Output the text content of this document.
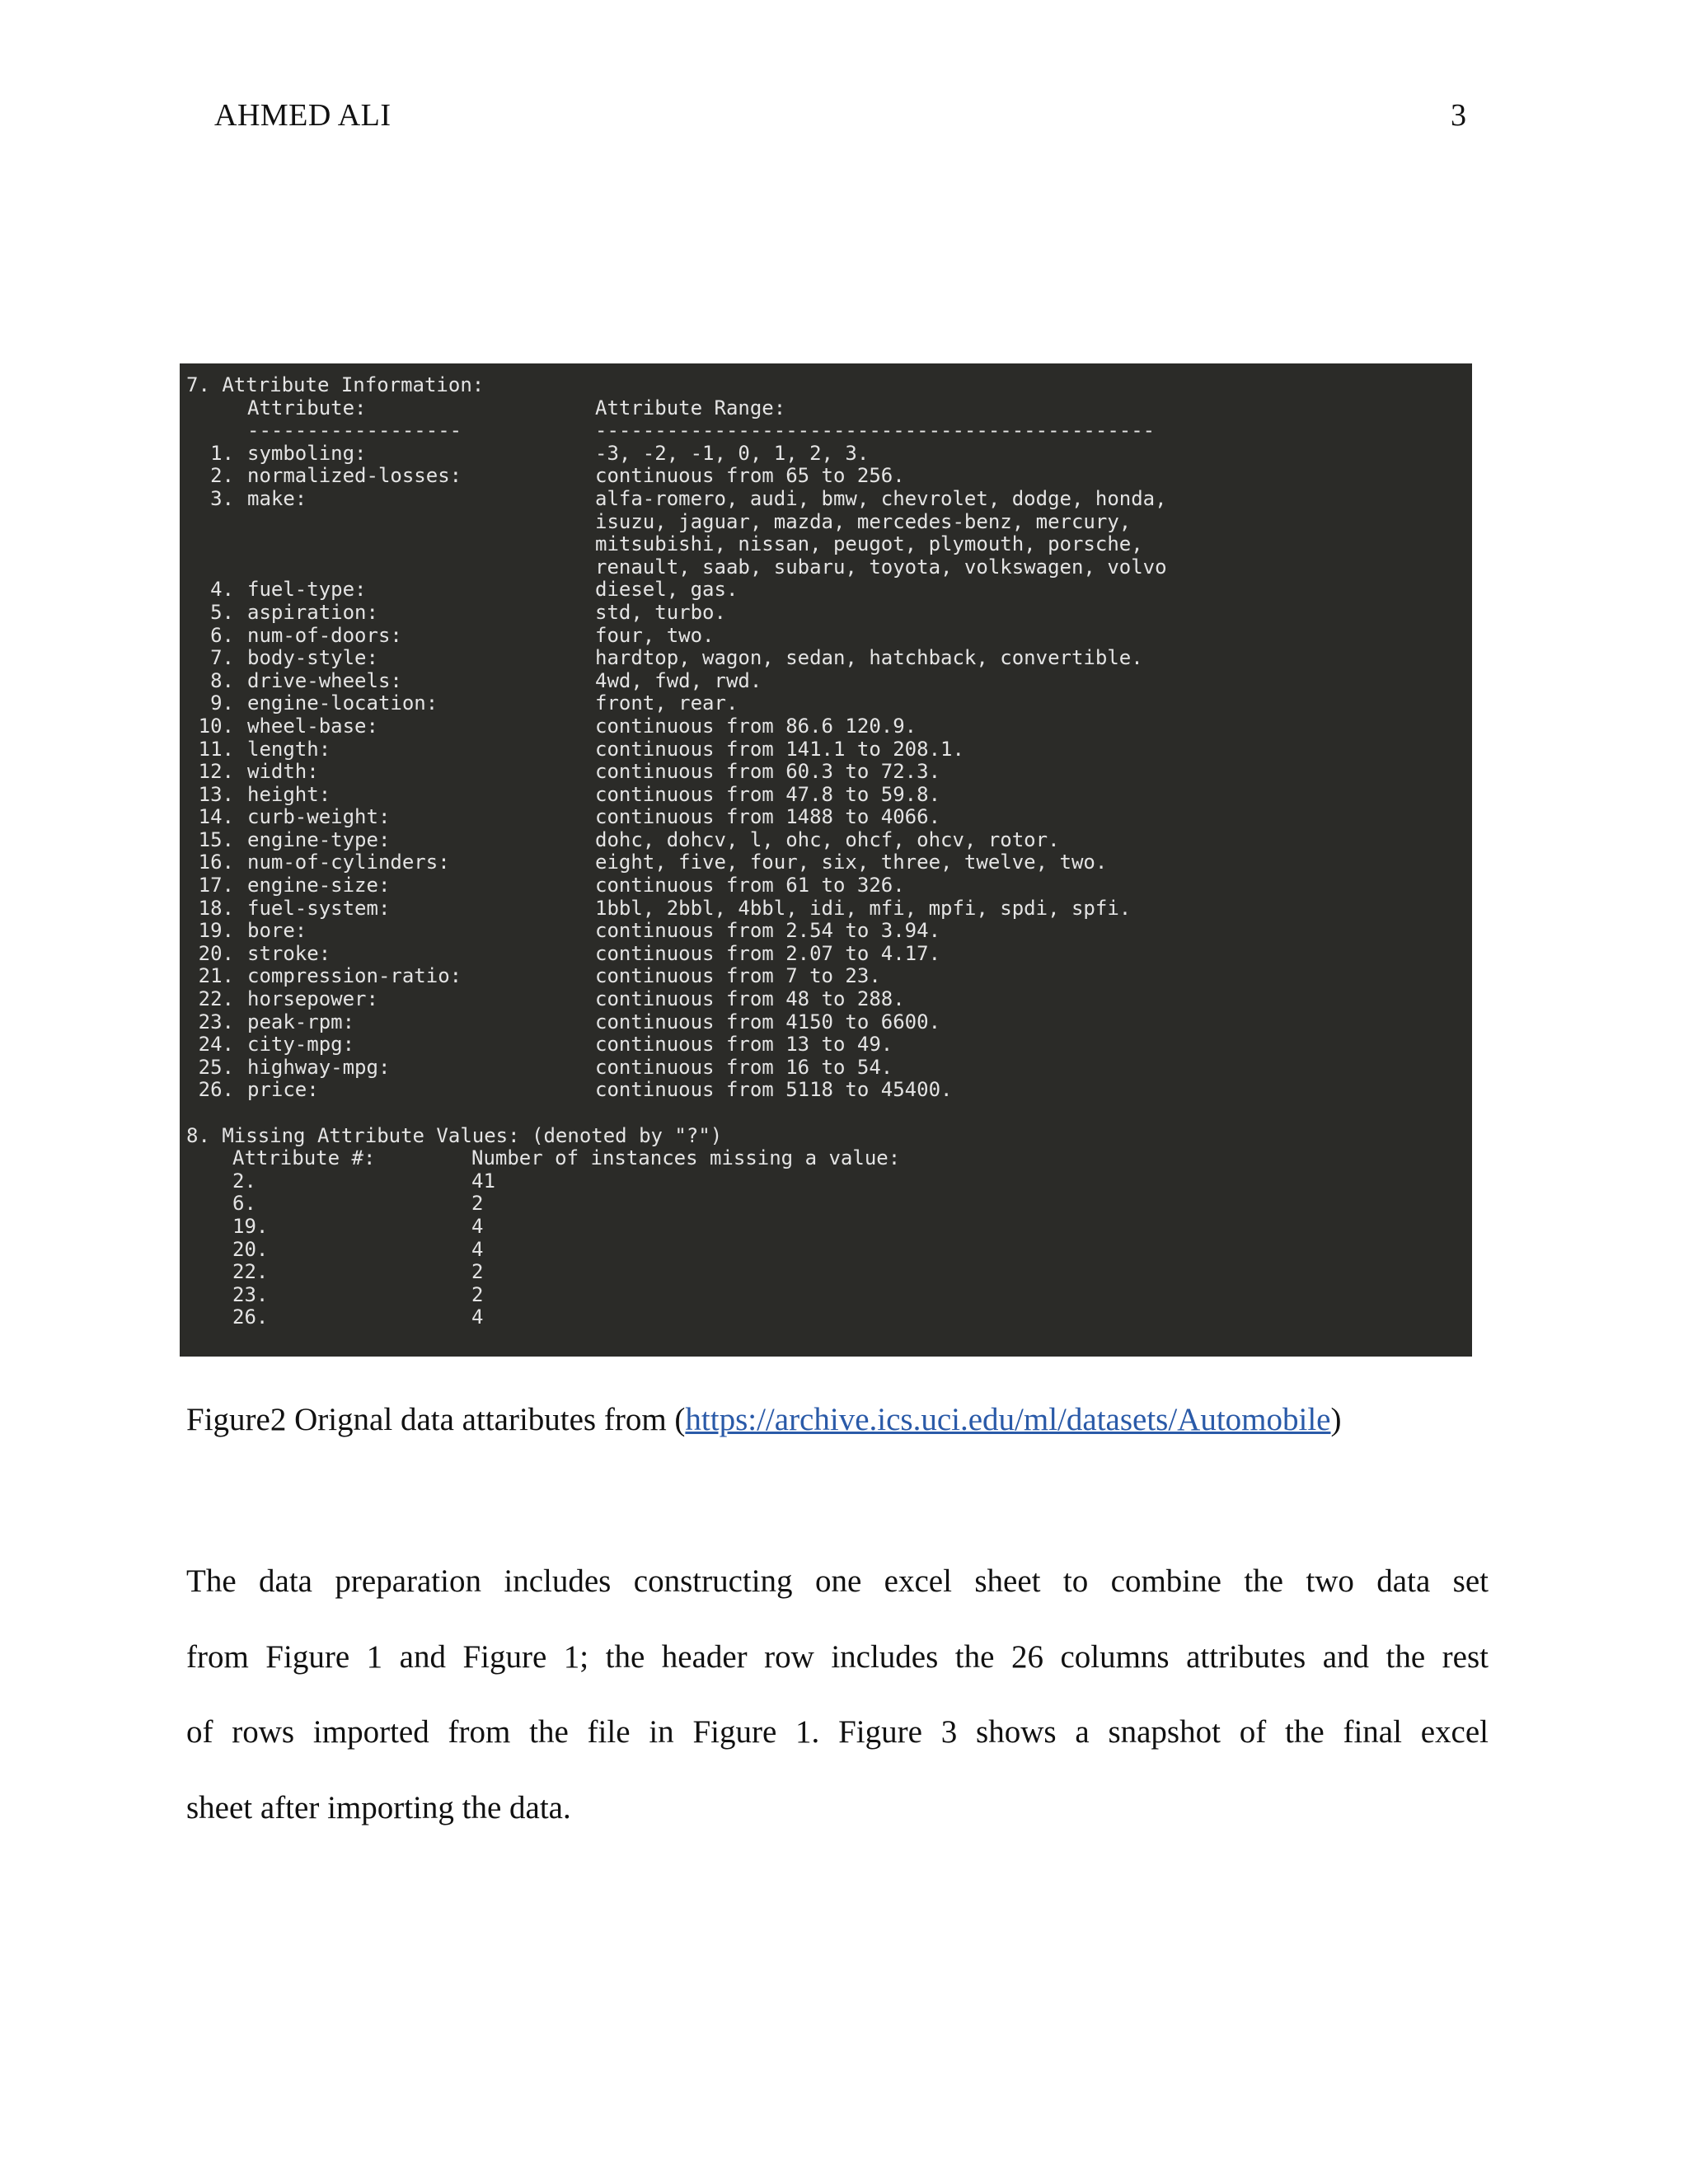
AHMED ALI	3
7. Attribute Information:
Attribute:	Attribute Range:
------------------	-----------------------------------------------
1. symboling:	-3, -2, -1, 0, 1, 2, 3.
2. normalized-losses:	continuous from 65 to 256.
3. make:	alfa-romero, audi, bmw, chevrolet, dodge, honda,
isuzu, jaguar, mazda, mercedes-benz, mercury,
mitsubishi, nissan, peugot, plymouth, porsche,
renault, saab, subaru, toyota, volkswagen, volvo
4. fuel-type:	diesel, gas.
5. aspiration:	std, turbo.
6. num-of-doors:	four, two.
7. body-style:	hardtop, wagon, sedan, hatchback, convertible.
8. drive-wheels:	4wd, fwd, rwd.
9. engine-location:	front, rear.
10. wheel-base:	continuous from 86.6 120.9.
11. length:	continuous from 141.1 to 208.1.
12. width:	continuous from 60.3 to 72.3.
13. height:	continuous from 47.8 to 59.8.
14. curb-weight:	continuous from 1488 to 4066.
15. engine-type:	dohc, dohcv, l, ohc, ohcf, ohcv, rotor.
16. num-of-cylinders:	eight, five, four, six, three, twelve, two.
17. engine-size:	continuous from 61 to 326.
18. fuel-system:	1bbl, 2bbl, 4bbl, idi, mfi, mpfi, spdi, spfi.
19. bore:	continuous from 2.54 to 3.94.
20. stroke:	continuous from 2.07 to 4.17.
21. compression-ratio:	continuous from 7 to 23.
22. horsepower:	continuous from 48 to 288.
23. peak-rpm:	continuous from 4150 to 6600.
24. city-mpg:	continuous from 13 to 49.
25. highway-mpg:	continuous from 16 to 54.
26. price:	continuous from 5118 to 45400.
8. Missing Attribute Values: (denoted by "?")
Attribute #:	Number of instances missing a value:
2.	41
6.	2
19.	4
20.	4
22.	2
23.	2
26.	4
Figure2 Orignal data attaributes from (https://archive.ics.uci.edu/ml/datasets/Automobile)
The data preparation includes constructing one excel sheet to combine the two data set
from Figure 1 and Figure 1; the header row includes the 26 columns attributes and the rest
of rows imported from the file in Figure 1. Figure 3 shows a snapshot of the final excel
sheet after importing the data.
